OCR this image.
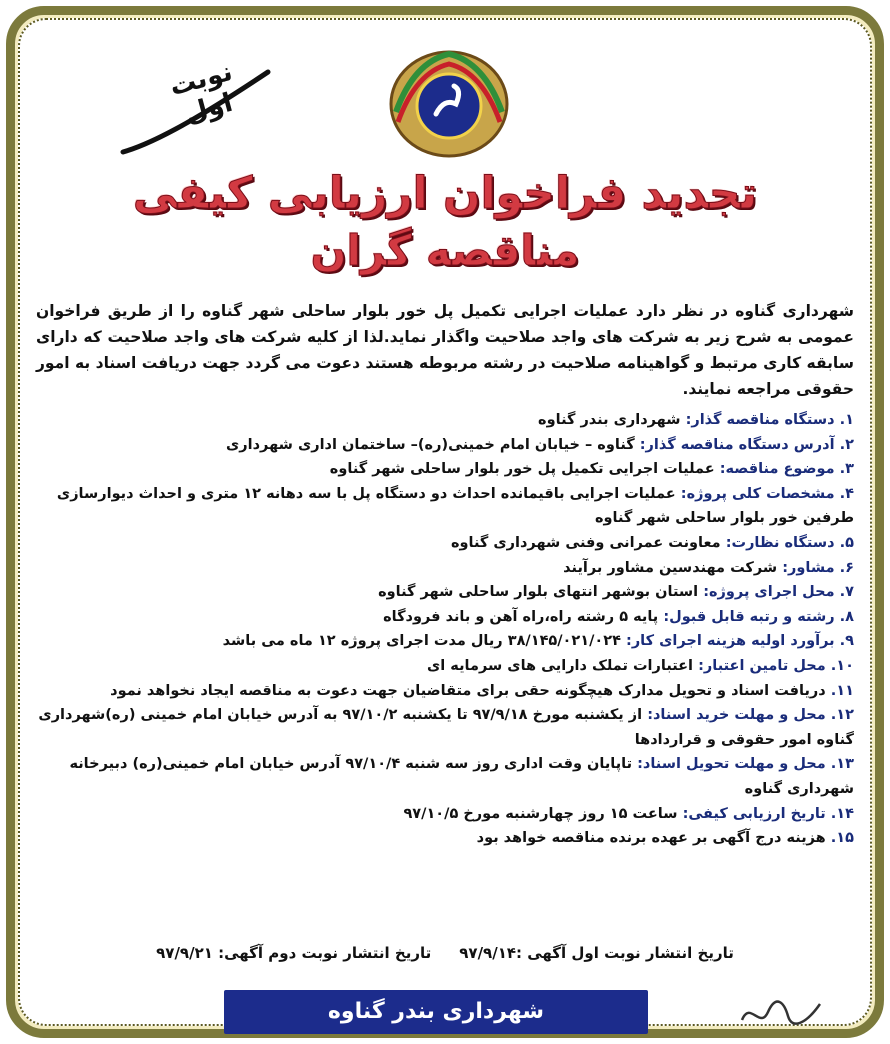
نوبت اول
تجدید فراخوان ارزیابی کیفی
مناقصه گران
شهرداری گناوه در نظر دارد عملیات اجرایی تکمیل پل خور بلوار ساحلی شهر گناوه را از طریق فراخوان عمومی به شرح زیر به شرکت های واجد صلاحیت واگذار نماید.لذا از کلیه شرکت های واجد صلاحیت که دارای سابقه کاری مرتبط و گواهینامه صلاحیت در رشته مربوطه هستند دعوت می گردد جهت دریافت اسناد به امور حقوقی مراجعه نمایند.
۱. دستگاه مناقصه گذار: شهرداری بندر گناوه
۲. آدرس دستگاه مناقصه گذار: گناوه – خیابان امام خمینی(ره)– ساختمان اداری شهرداری
۳. موضوع مناقصه: عملیات اجرایی تکمیل پل خور بلوار ساحلی شهر گناوه
۴. مشخصات کلی پروژه: عملیات اجرایی باقیمانده احداث دو دستگاه پل با سه دهانه ۱۲ متری و احداث دیوارسازی طرفین خور بلوار ساحلی شهر گناوه
۵. دستگاه نظارت: معاونت عمرانی وفنی شهرداری گناوه
۶. مشاور: شرکت مهندسین مشاور برآیند
۷. محل اجرای پروژه: استان بوشهر انتهای بلوار ساحلی شهر گناوه
۸. رشته و رتبه قابل قبول: پایه ۵ رشته راه،راه آهن و باند فرودگاه
۹. برآورد اولیه هزینه اجرای کار: ۳۸/۱۴۵/۰۲۱/۰۲۴ ریال مدت اجرای پروژه ۱۲ ماه می باشد
۱۰. محل تامین اعتبار: اعتبارات تملک دارایی های سرمایه ای
۱۱. دریافت اسناد و تحویل مدارک هیچگونه حقی برای متقاضیان جهت دعوت به مناقصه ایجاد نخواهد نمود
۱۲. محل و مهلت خرید اسناد: از یکشنبه مورخ ۹۷/۹/۱۸ تا یکشنبه ۹۷/۱۰/۲ به آدرس خیابان امام خمینی (ره)شهرداری گناوه امور حقوقی و قراردادها
۱۳. محل و مهلت تحویل اسناد: تاپایان وقت اداری روز سه شنبه ۹۷/۱۰/۴ آدرس خیابان امام خمینی(ره) دبیرخانه شهرداری گناوه
۱۴. تاریخ ارزیابی کیفی: ساعت ۱۵ روز چهارشنبه مورخ ۹۷/۱۰/۵
۱۵. هزینه درج آگهی بر عهده برنده مناقصه خواهد بود
تاریخ انتشار نوبت اول آگهی :۹۷/۹/۱۴
تاریخ انتشار نوبت دوم آگهی: ۹۷/۹/۲۱
شهرداری بندر گناوه
